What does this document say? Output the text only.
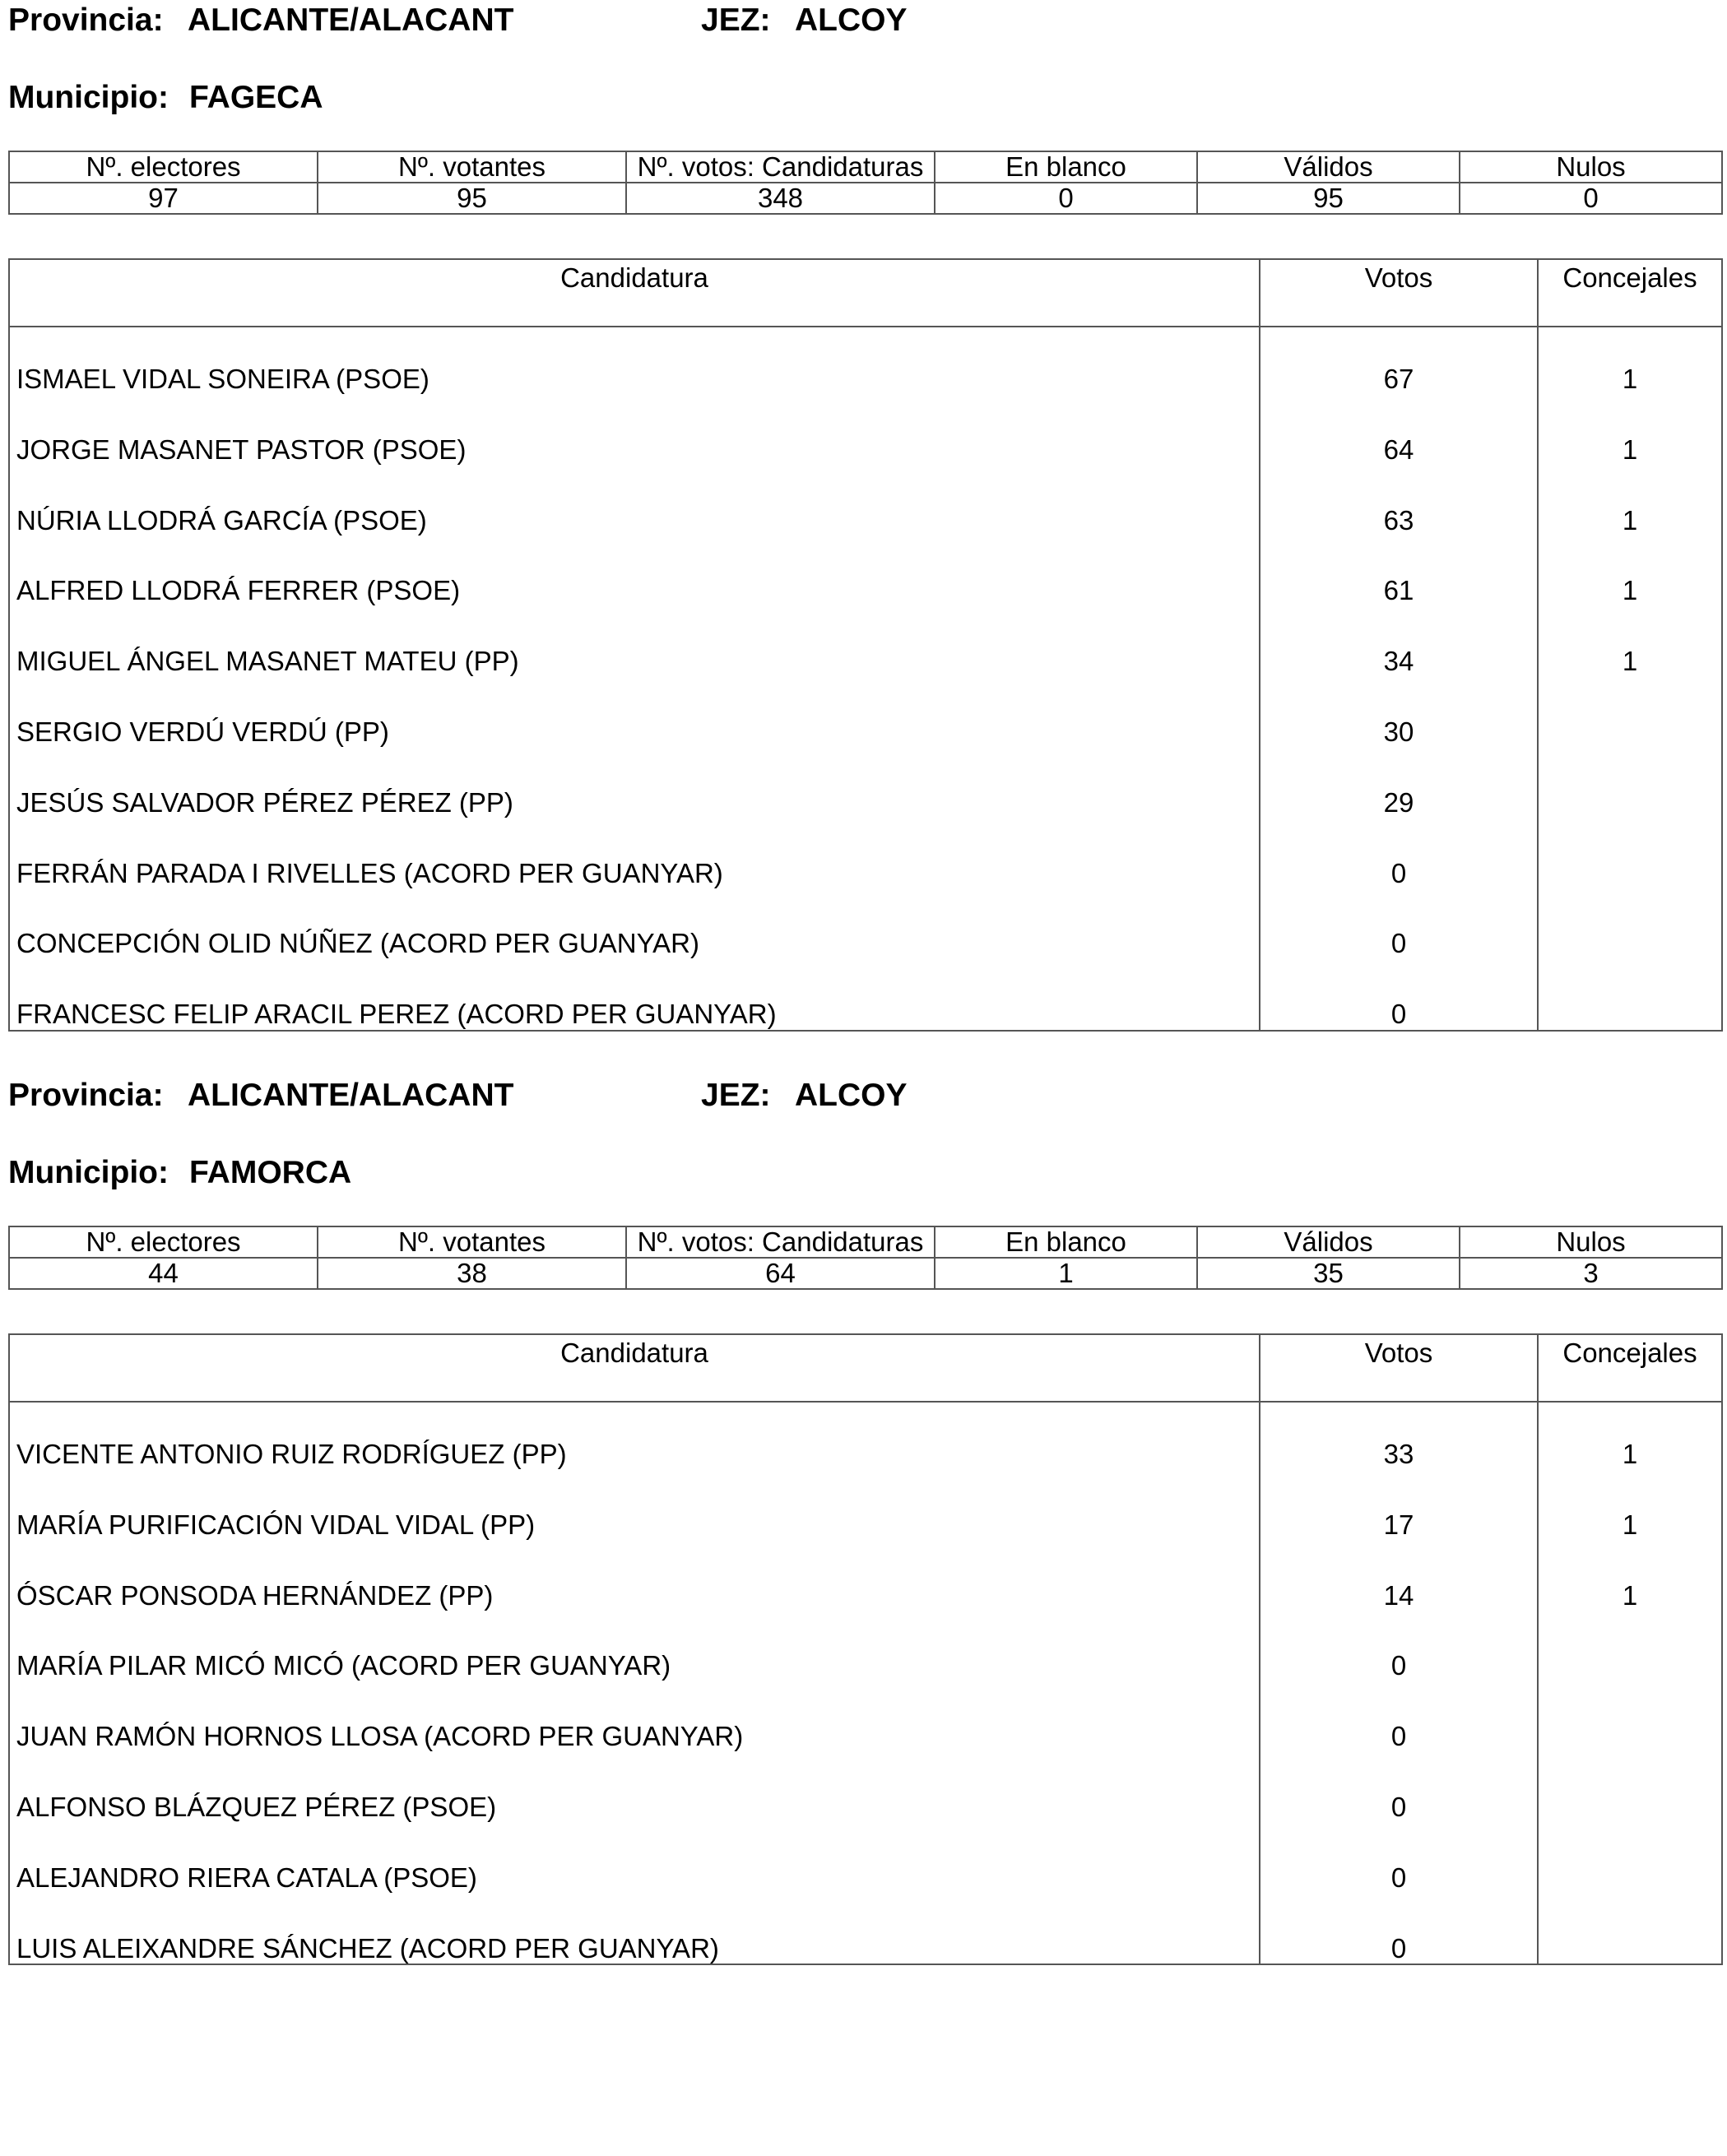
Provincia: ALICANTE/ALACANT	JEZ: ALCOY
Municipio: FAGECA
Nº. electores	Nº. votantes	Nº. votos: Candidaturas	En blanco	Válidos	Nulos
97	95	348	0	95	0
Candidatura	Votos	Concejales
ISMAEL VIDAL SONEIRA (PSOE)	67	1
JORGE MASANET PASTOR (PSOE)	64	1
NÚRIA LLODRÁ GARCÍA (PSOE)	63	1
ALFRED LLODRÁ FERRER (PSOE)	61	1
MIGUEL ÁNGEL MASANET MATEU (PP)	34	1
SERGIO VERDÚ VERDÚ (PP)	30
JESÚS SALVADOR PÉREZ PÉREZ (PP)	29
FERRÁN PARADA I RIVELLES (ACORD PER GUANYAR)	0
CONCEPCIÓN OLID NÚÑEZ (ACORD PER GUANYAR)	0
FRANCESC FELIP ARACIL PEREZ (ACORD PER GUANYAR)	0
Provincia: ALICANTE/ALACANT	JEZ: ALCOY
Municipio: FAMORCA
Nº. electores	Nº. votantes	Nº. votos: Candidaturas	En blanco	Válidos	Nulos
44	38	64	1	35	3
Candidatura	Votos	Concejales
VICENTE ANTONIO RUIZ RODRÍGUEZ (PP)	33	1
MARÍA PURIFICACIÓN VIDAL VIDAL (PP)	17	1
ÓSCAR PONSODA HERNÁNDEZ (PP)	14	1
MARÍA PILAR MICÓ MICÓ (ACORD PER GUANYAR)	0
JUAN RAMÓN HORNOS LLOSA (ACORD PER GUANYAR)	0
ALFONSO BLÁZQUEZ PÉREZ (PSOE)	0
ALEJANDRO RIERA CATALA (PSOE)	0
LUIS ALEIXANDRE SÁNCHEZ (ACORD PER GUANYAR)	0
